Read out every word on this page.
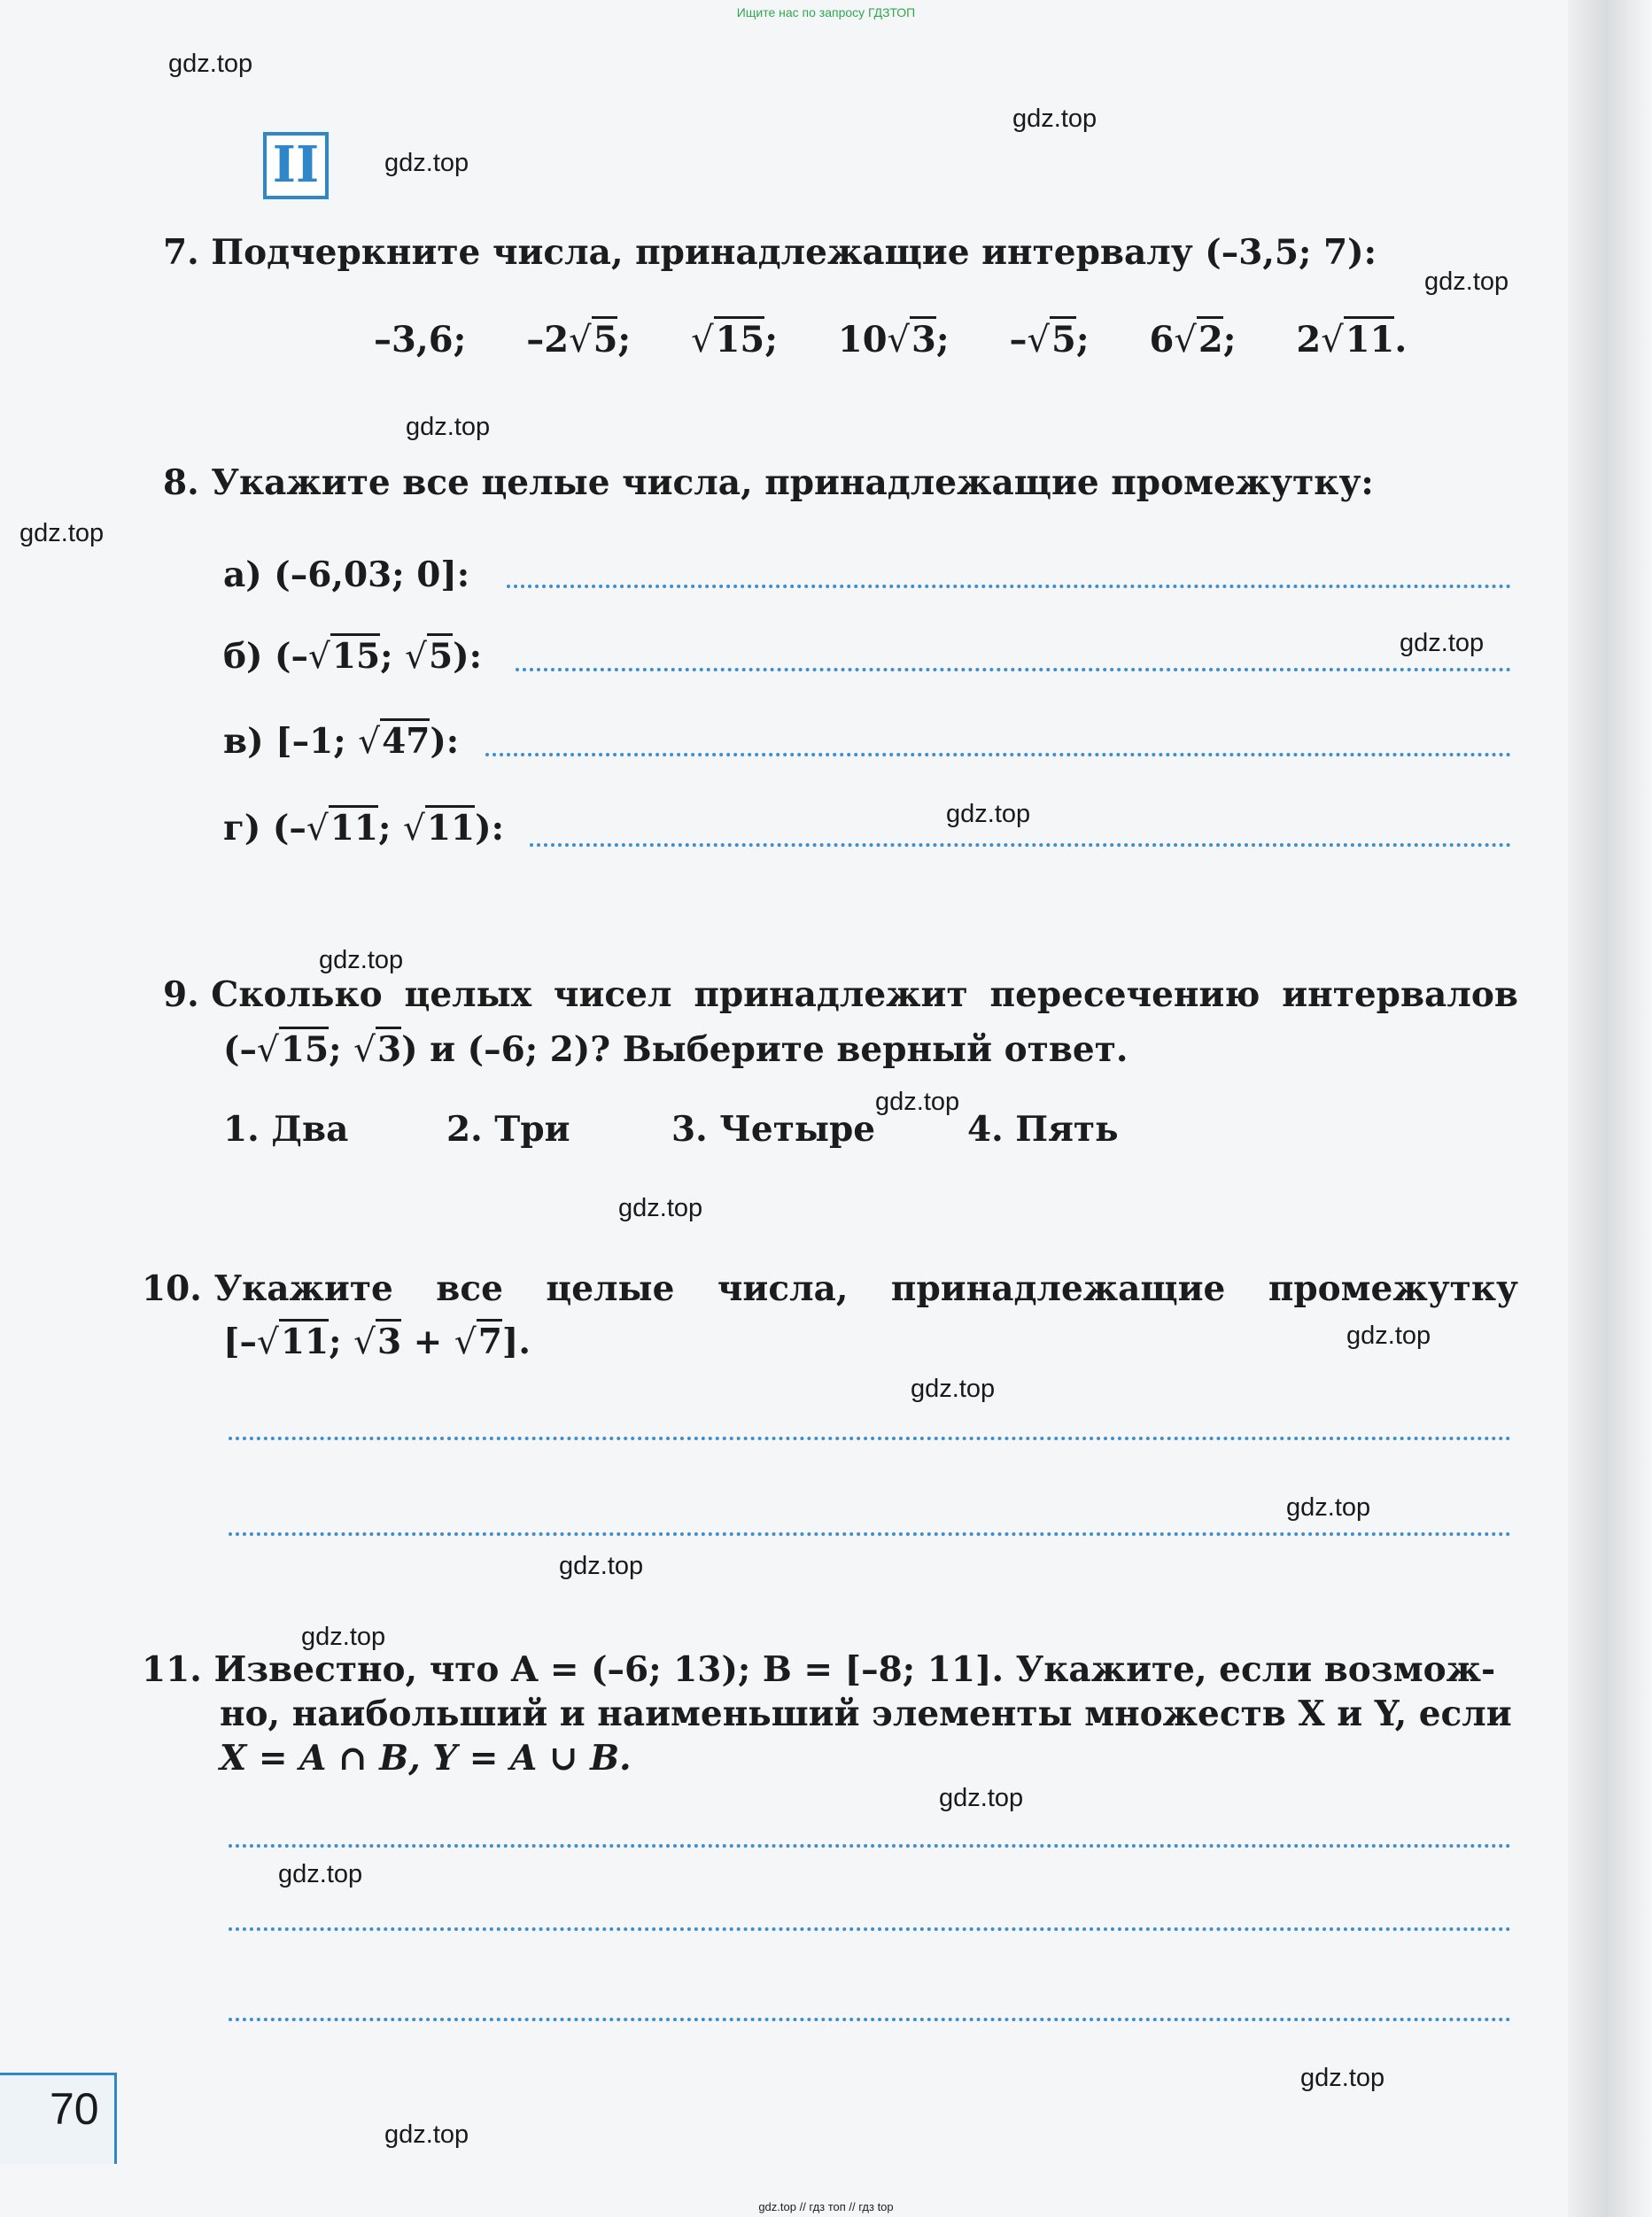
Ищите нас по запросу ГДЗТОП
gdz.top
gdz.top
gdz.top
gdz.top
gdz.top
gdz.top
gdz.top
gdz.top
gdz.top
gdz.top
gdz.top
gdz.top
gdz.top
gdz.top
gdz.top
gdz.top
gdz.top
gdz.top
gdz.top
gdz.top
II
7. Подчеркните числа, принадлежащие интервалу (–3,5; 7):
–3,6; –2√5; √15; 10√3; –√5; 6√2; 2√11.
8. Укажите все целые числа, принадлежащие промежутку:
а) (–6,03; 0]:
б) (–√15; √5):
в) [–1; √47):
г) (–√11; √11):
9. Сколько целых чисел принадлежит пересечению интервалов
(–√15; √3) и (–6; 2)? Выберите верный ответ.
1. Два	2. Три	3. Четыре	4. Пять
10. Укажите все целые числа, принадлежащие промежутку
[–√11; √3 + √7].
11. Известно, что A = (–6; 13); B = [–8; 11]. Укажите, если возмож-
но, наибольший и наименьший элементы множеств X и Y, если
X = A ∩ B, Y = A ∪ B.
70
gdz.top // гдз топ // гдз top
